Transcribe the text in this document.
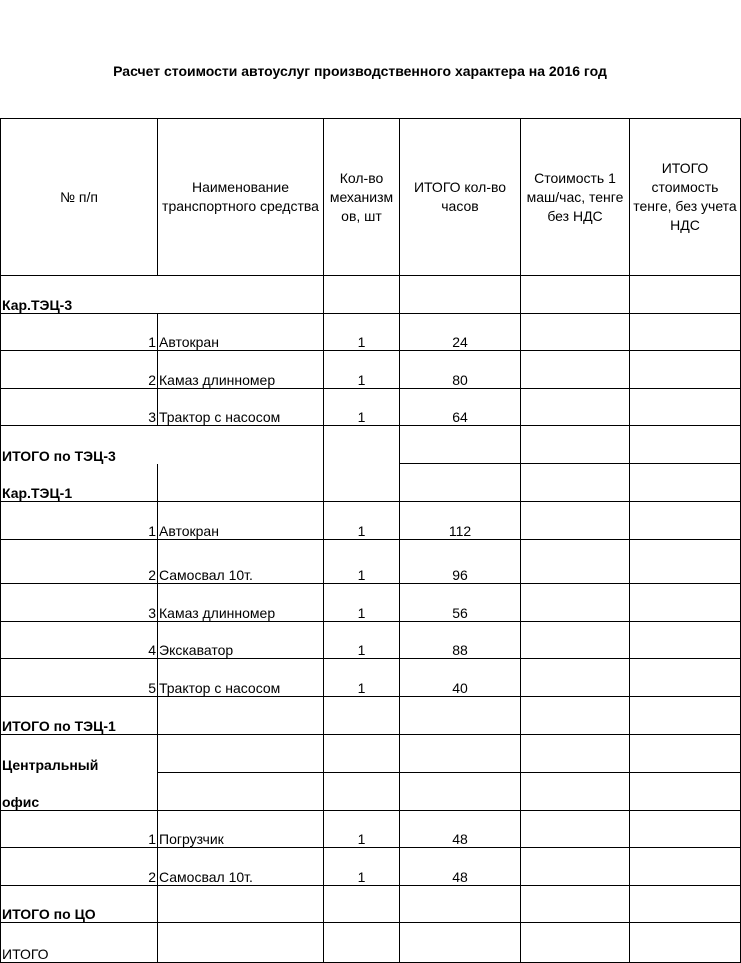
Расчет стоимости автоуслуг производственного характера на 2016 год
№ п/п	Наименование транспортного средства	Кол-во механизм ов, шт	ИТОГО кол-во часов	Стоимость 1 маш/час, тенге без НДС	ИТОГО стоимость тенге, без учета НДС
Кар.ТЭЦ-3					
1	Автокран	1	24		
2	Камаз длинномер	1	80		
3	Трактор с насосом	1	64		
ИТОГО по ТЭЦ-3					
Кар.ТЭЦ-1					
1	Автокран	1	112		
2	Самосвал 10т.	1	96		
3	Камаз длинномер	1	56		
4	Экскаватор	1	88		
5	Трактор с насосом	1	40		
ИТОГО по ТЭЦ-1					
Центральный					
офис					
1	Погрузчик	1	48		
2	Самосвал 10т.	1	48		
ИТОГО по ЦО					
ИТОГО					
